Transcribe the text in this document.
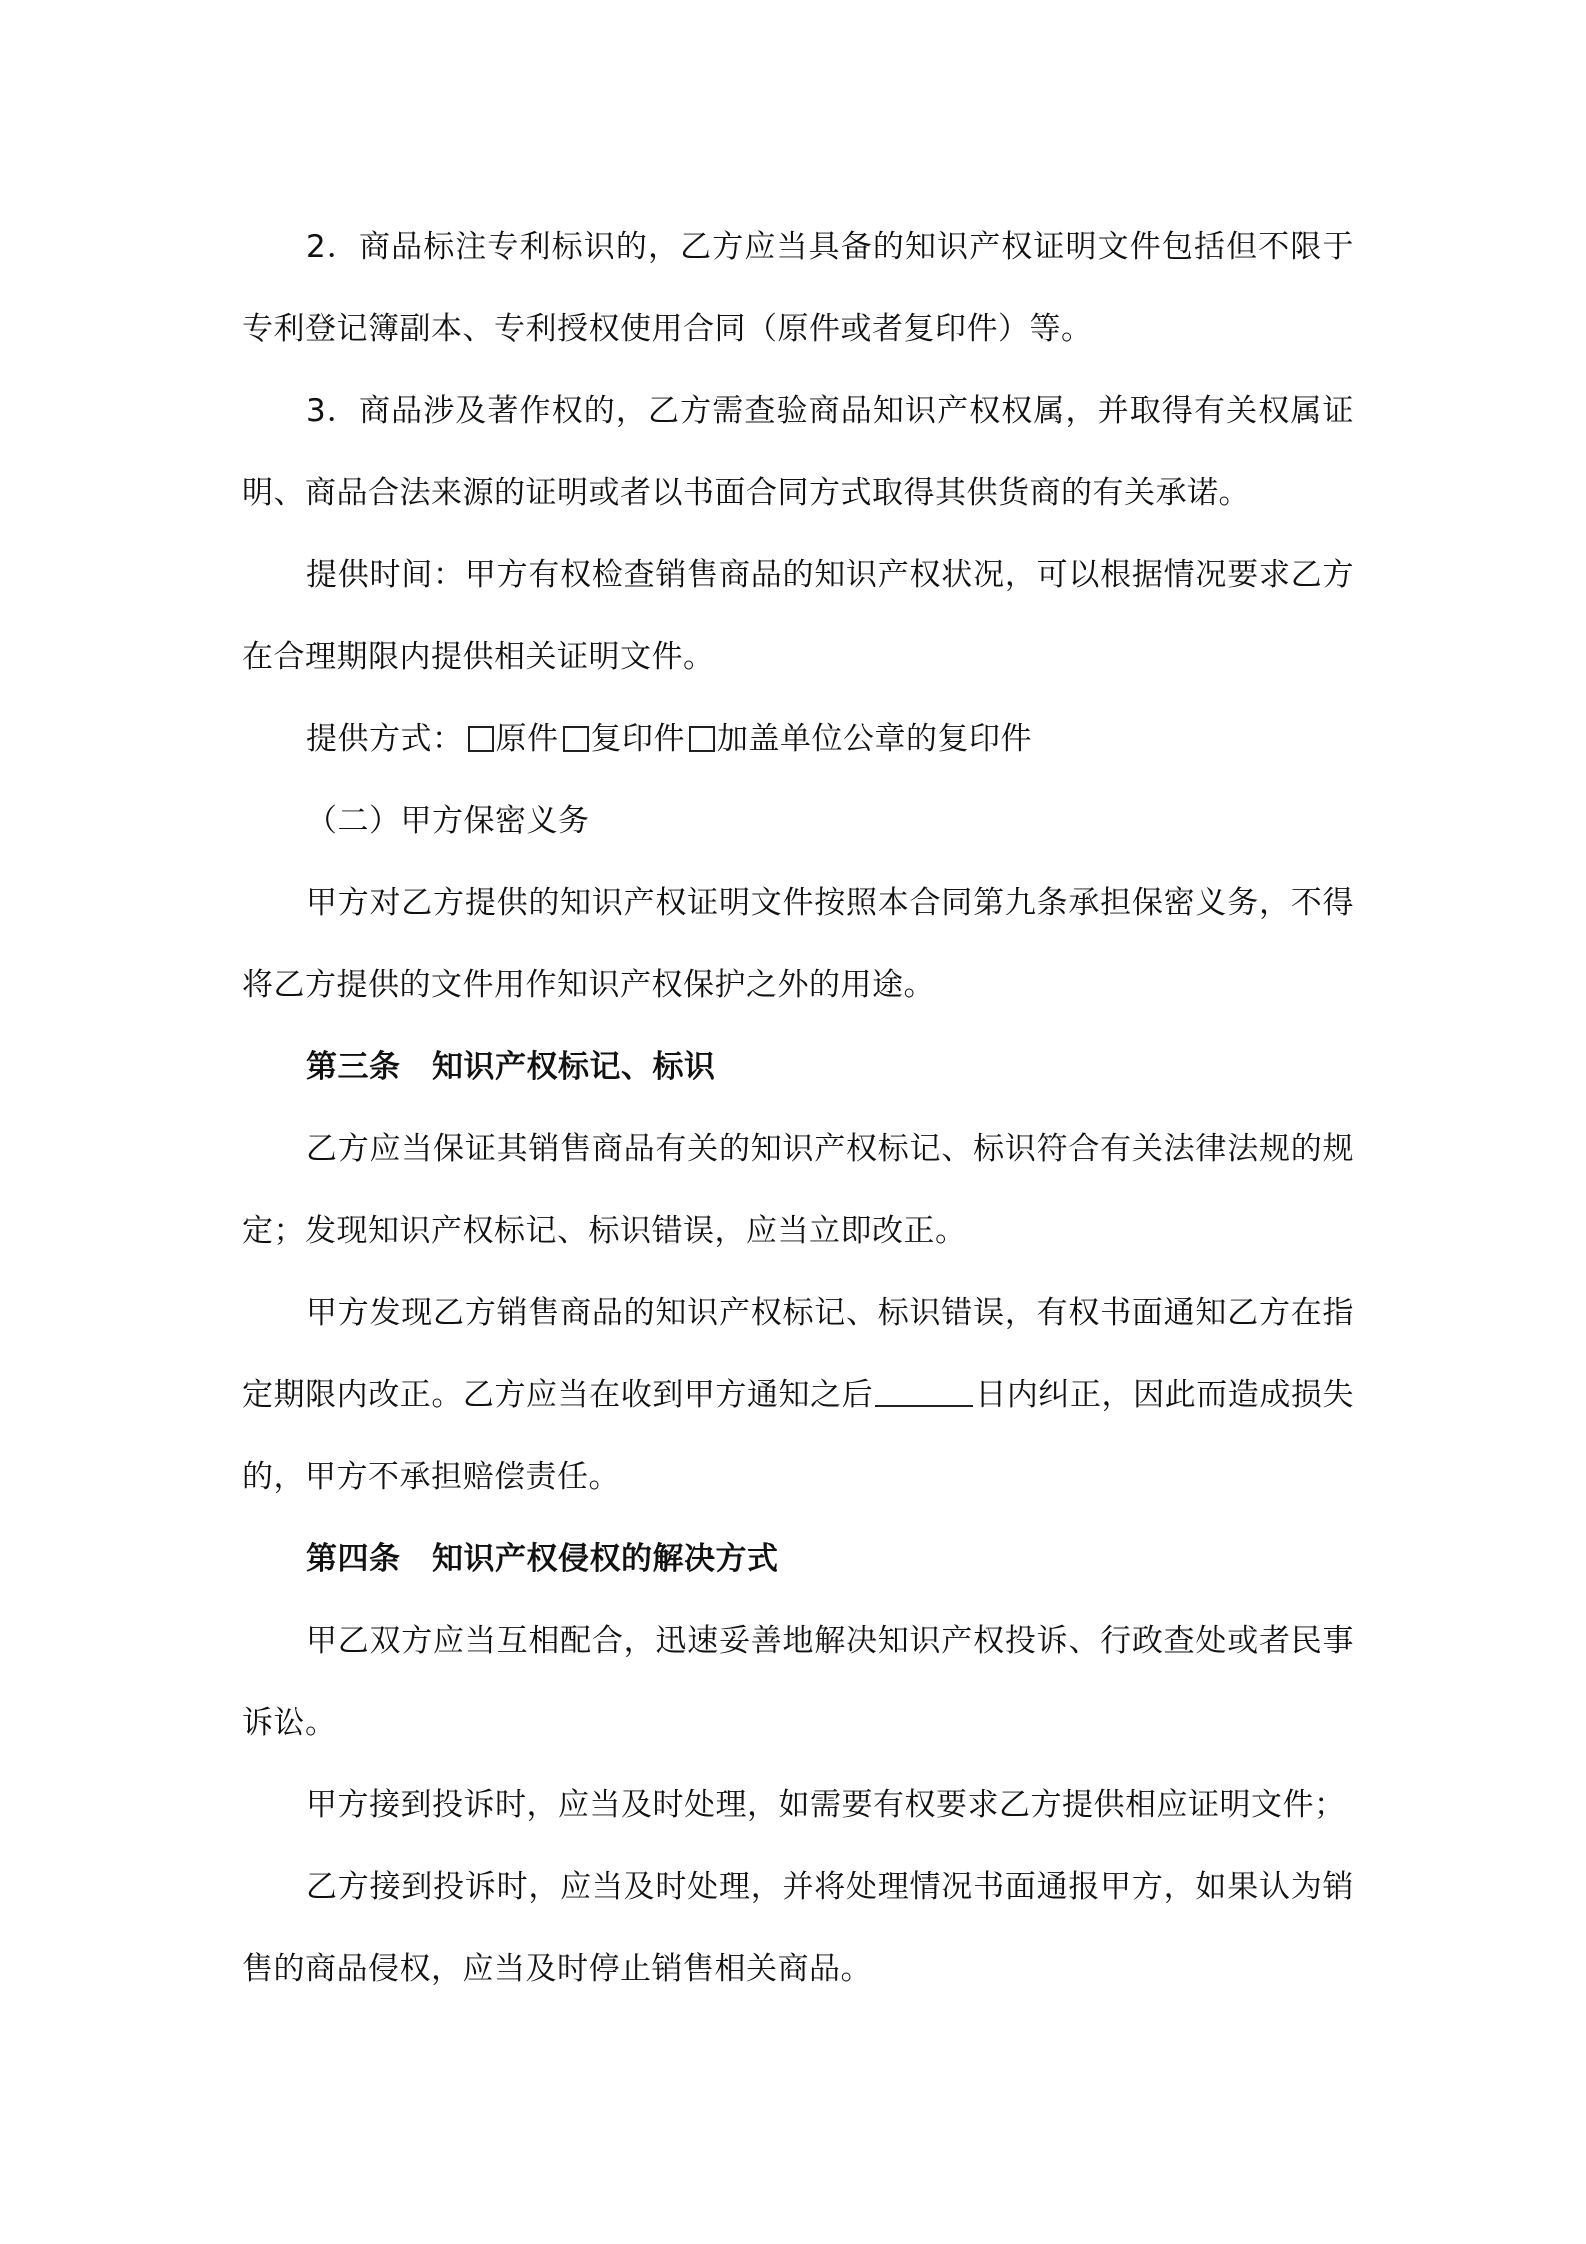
2．商品标注专利标识的，乙方应当具备的知识产权证明文件包括但不限于专利登记簿副本、专利授权使用合同（原件或者复印件）等。

3．商品涉及著作权的，乙方需查验商品知识产权权属，并取得有关权属证明、商品合法来源的证明或者以书面合同方式取得其供货商的有关承诺。

提供时间：甲方有权检查销售商品的知识产权状况，可以根据情况要求乙方在合理期限内提供相关证明文件。

提供方式： 原件 复印件 加盖单位公章的复印件

（二）甲方保密义务

甲方对乙方提供的知识产权证明文件按照本合同第九条承担保密义务，不得将乙方提供的文件用作知识产权保护之外的用途。

第三条　知识产权标记、标识

乙方应当保证其销售商品有关的知识产权标记、标识符合有关法律法规的规定；发现知识产权标记、标识错误，应当立即改正。

甲方发现乙方销售商品的知识产权标记、标识错误，有权书面通知乙方在指定期限内改正。乙方应当在收到甲方通知之后	日内纠正，因此而造成损失的，甲方不承担赔偿责任。

第四条　知识产权侵权的解决方式

甲乙双方应当互相配合，迅速妥善地解决知识产权投诉、行政查处或者民事诉讼。

甲方接到投诉时，应当及时处理，如需要有权要求乙方提供相应证明文件；

乙方接到投诉时，应当及时处理，并将处理情况书面通报甲方，如果认为销售的商品侵权，应当及时停止销售相关商品。
